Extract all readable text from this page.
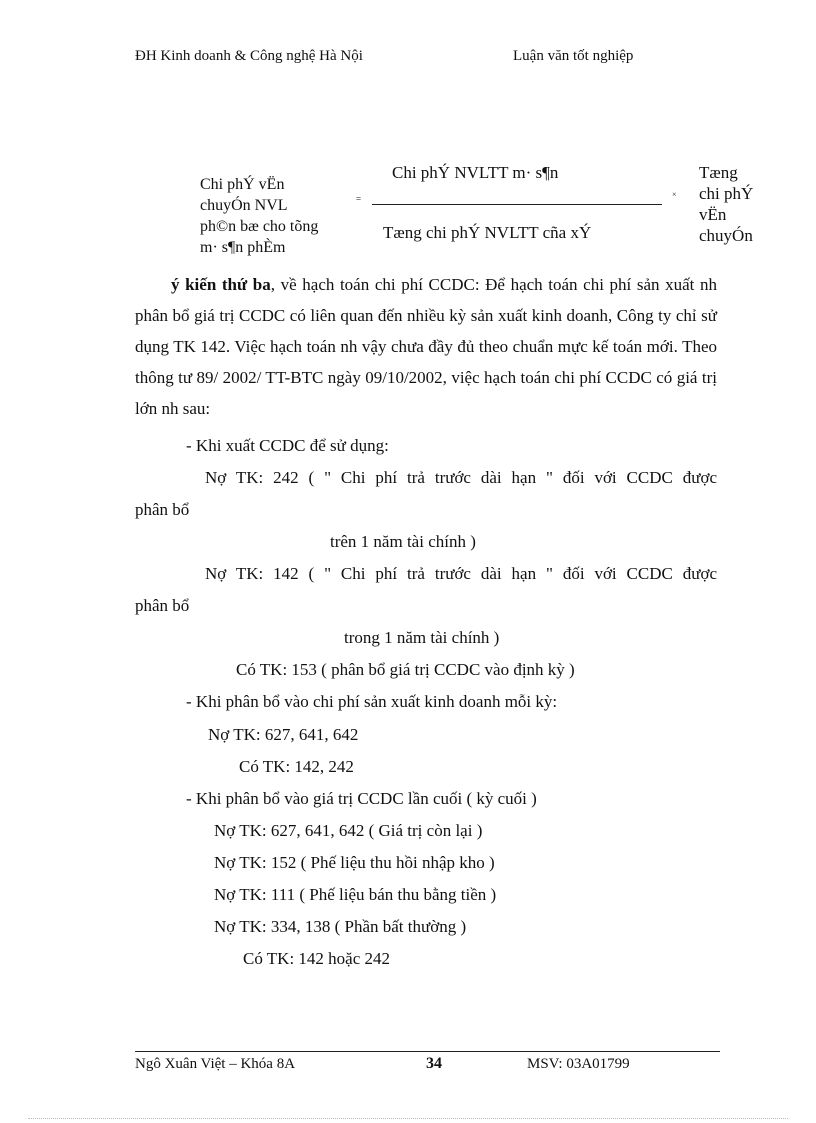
ĐH Kinh doanh & Công nghệ Hà Nội	Luận văn tốt nghiệp
Chi phÝ vËn
chuyÓn NVL
ph©n bæ cho tõng
m· s¶n phÈm
=
Chi phÝ NVLTT m· s¶n
Tæng chi phÝ NVLTT cña xÝ
×
Tæng
chi phÝ
vËn
chuyÓn
ý kiến thứ ba, về hạch toán chi phí CCDC: Để hạch toán chi phí sản xuất nh phân bổ giá trị CCDC có liên quan đến nhiều kỳ sản xuất kinh doanh, Công ty chỉ sử dụng TK 142. Việc hạch toán nh vậy chưa đầy đủ theo chuẩn mực kế toán mới. Theo thông tư 89/ 2002/ TT-BTC ngày 09/10/2002, việc hạch toán chi phí CCDC có giá trị lớn nh sau:
- Khi xuất CCDC để sử dụng:
Nợ TK: 242 ( " Chi phí trả trước dài hạn " đối với CCDC được
phân bổ
trên 1 năm tài chính )
Nợ TK: 142 ( " Chi phí trả trước dài hạn " đối với CCDC được
phân bổ
trong 1 năm tài chính )
Có TK: 153 ( phân bổ giá trị CCDC vào định kỳ )
- Khi phân bổ vào chi phí sản xuất kinh doanh mỗi kỳ:
Nợ TK: 627, 641, 642
Có TK: 142, 242
- Khi phân bổ vào giá trị CCDC lần cuối ( kỳ cuối )
Nợ TK: 627, 641, 642 ( Giá trị còn lại )
Nợ TK: 152 ( Phế liệu thu hồi nhập kho )
Nợ TK: 111 ( Phế liệu bán thu bằng tiền )
Nợ TK: 334, 138 ( Phần bất thường )
Có TK: 142 hoặc 242
Ngô Xuân Việt – Khóa 8A	34	MSV: 03A01799
